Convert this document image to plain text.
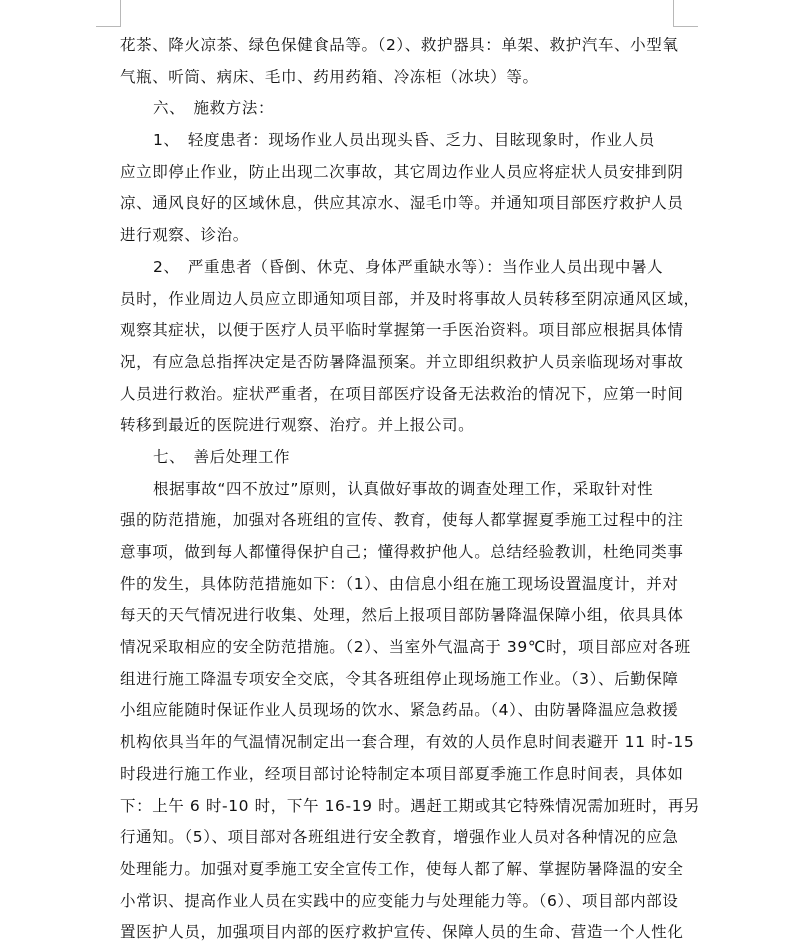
花茶、降火凉茶、绿色保健食品等。（2）、救护器具：单架、救护汽车、小型氧
气瓶、听筒、病床、毛巾、药用药箱、冷冻柜（冰块）等。
六、　施救方法：
1、　轻度患者：现场作业人员出现头昏、乏力、目眩现象时，作业人员
应立即停止作业，防止出现二次事故，其它周边作业人员应将症状人员安排到阴
凉、通风良好的区域休息，供应其凉水、湿毛巾等。并通知项目部医疗救护人员
进行观察、诊治。
2、　严重患者（昏倒、休克、身体严重缺水等）：当作业人员出现中暑人
员时，作业周边人员应立即通知项目部，并及时将事故人员转移至阴凉通风区域，
观察其症状，以便于医疗人员平临时掌握第一手医治资料。项目部应根据具体情
况，有应急总指挥决定是否防暑降温预案。并立即组织救护人员亲临现场对事故
人员进行救治。症状严重者，在项目部医疗设备无法救治的情况下，应第一时间
转移到最近的医院进行观察、治疗。并上报公司。
七、　善后处理工作
根据事故“四不放过”原则，认真做好事故的调查处理工作，采取针对性
强的防范措施，加强对各班组的宣传、教育，使每人都掌握夏季施工过程中的注
意事项，做到每人都懂得保护自己；懂得救护他人。总结经验教训，杜绝同类事
件的发生，具体防范措施如下：（1）、由信息小组在施工现场设置温度计，并对
每天的天气情况进行收集、处理，然后上报项目部防暑降温保障小组，依具具体
情况采取相应的安全防范措施。（2）、当室外气温高于 39℃时，项目部应对各班
组进行施工降温专项安全交底，令其各班组停止现场施工作业。（3）、后勤保障
小组应能随时保证作业人员现场的饮水、紧急药品。（4）、由防暑降温应急救援
机构依具当年的气温情况制定出一套合理，有效的人员作息时间表避开 11 时-15
时段进行施工作业，经项目部讨论特制定本项目部夏季施工作息时间表，具体如
下：上午 6 时-10 时，下午 16-19 时。遇赶工期或其它特殊情况需加班时，再另
行通知。（5）、项目部对各班组进行安全教育，增强作业人员对各种情况的应急
处理能力。加强对夏季施工安全宣传工作，使每人都了解、掌握防暑降温的安全
小常识、提高作业人员在实践中的应变能力与处理能力等。（6）、项目部内部设
置医护人员，加强项目内部的医疗救护宣传、保障人员的生命、营造一个人性化
